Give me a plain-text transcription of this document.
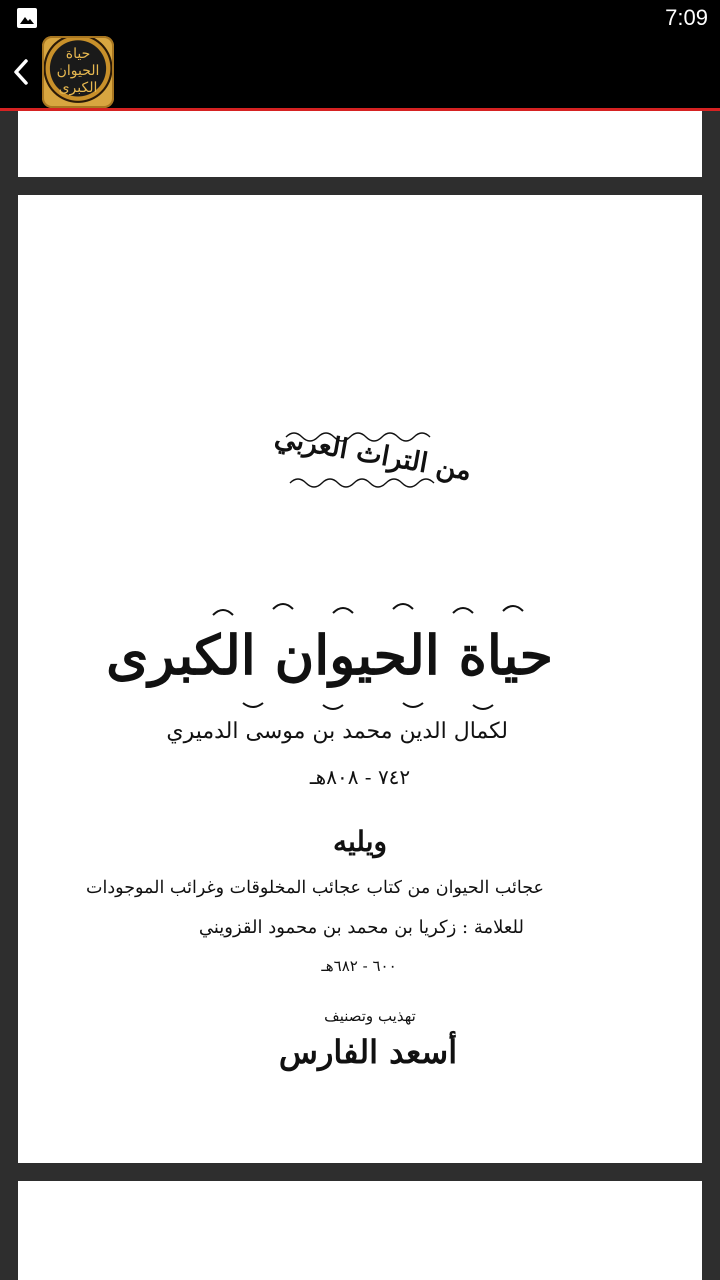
7:09
حياة الحيوان الكبرى
من التراث العربي
حياة الحيوان الكبرى
لكمال الدين محمد بن موسى الدميري
٧٤٢ - ٨٠٨هـ
ويليه
عجائب الحيوان من كتاب عجائب المخلوقات وغرائب الموجودات
للعلامة : زكريا بن محمد بن محمود القزويني
٦٠٠ - ٦٨٢هـ
تهذيب وتصنيف
أسعد الفارس
